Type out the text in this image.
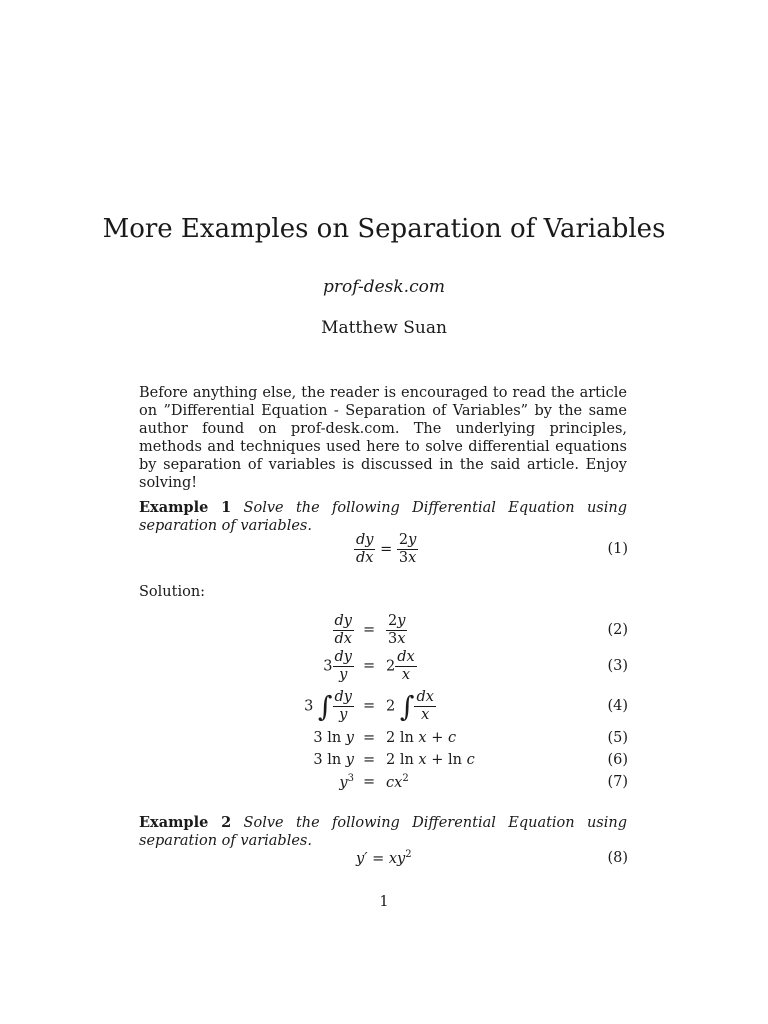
More Examples on Separation of Variables
prof-desk.com
Matthew Suan
Before anything else, the reader is encouraged to read the article on ”Differential Equation - Separation of Variables” by the same author found on prof-desk.com. The underlying principles, methods and techniques used here to solve differential equations by separation of variables is discussed in the said article. Enjoy solving!
Example 1 Solve the following Differential Equation using separation of variables.
$\frac{dy}{dx} = \frac{2y}{3x}$	(1)
Solution:
$\frac{dy}{dx} = \frac{2y}{3x}$	(2)
$3 \frac{dy}{y} = 2 \frac{dx}{x}$	(3)
3 ∫ $\frac{dy}{y} = 2$ ∫ $\frac{dx}{x}$	(4)
3 ln y = 2 ln x + c	(5)
3 ln y = 2 ln x + ln c	(6)
$y^3 = cx^2$	(7)
Example 2 Solve the following Differential Equation using separation of variables.
$y' = xy^2$	(8)
1
